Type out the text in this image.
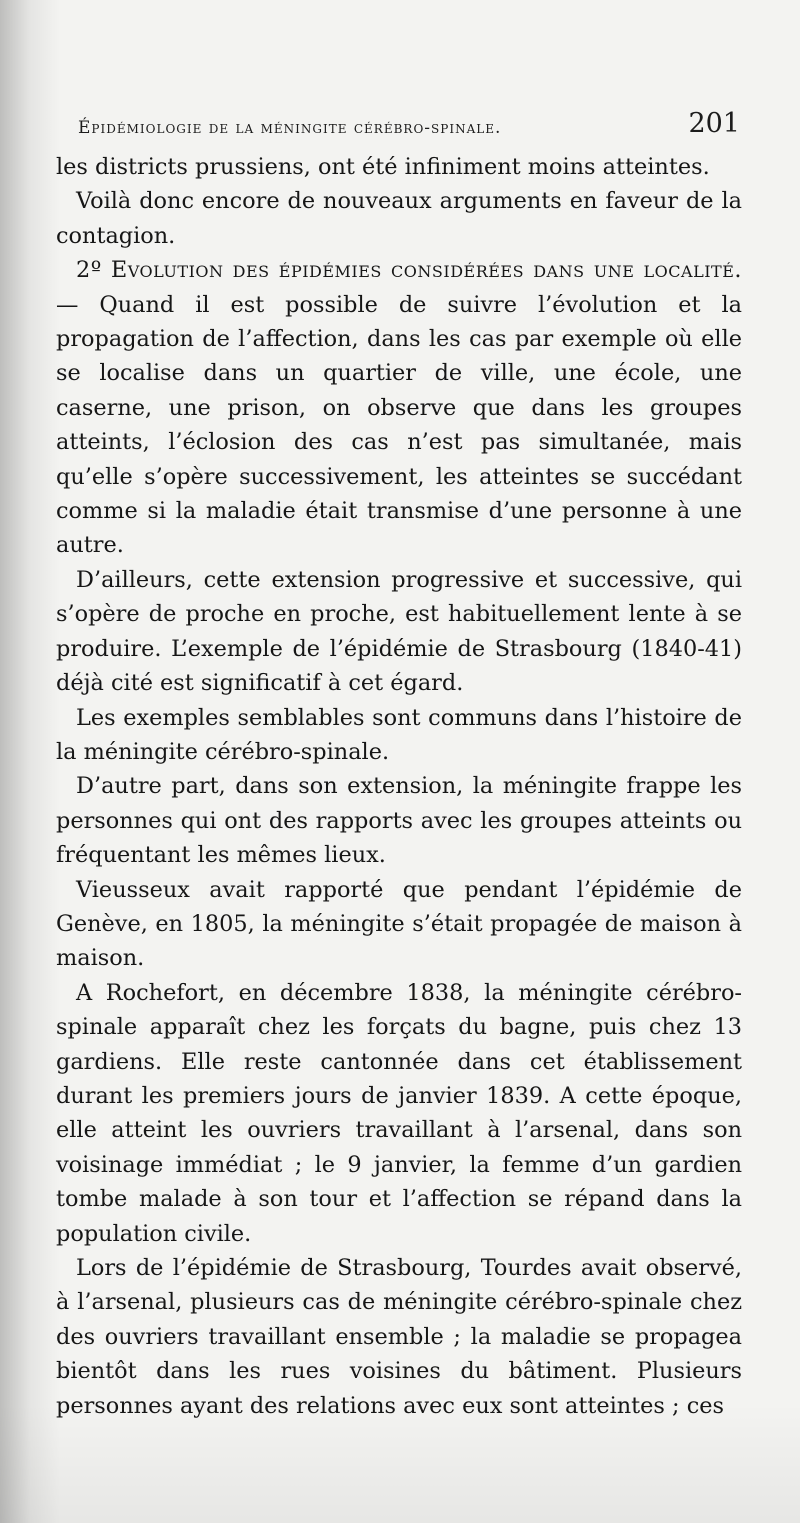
Épidémiologie de la méningite cérébro-spinale.	201

les districts prussiens, ont été infiniment moins atteintes.

Voilà donc encore de nouveaux arguments en faveur de la contagion.

2º Evolution des épidémies considérées dans une localité. — Quand il est possible de suivre l’évolution et la propagation de l’affection, dans les cas par exemple où elle se localise dans un quartier de ville, une école, une caserne, une prison, on observe que dans les groupes atteints, l’éclosion des cas n’est pas simultanée, mais qu’elle s’opère successivement, les atteintes se succédant comme si la maladie était transmise d’une personne à une autre.

D’ailleurs, cette extension progressive et successive, qui s’opère de proche en proche, est habituellement lente à se produire. L’exemple de l’épidémie de Strasbourg (1840-41) déjà cité est significatif à cet égard.

Les exemples semblables sont communs dans l’histoire de la méningite cérébro-spinale.

D’autre part, dans son extension, la méningite frappe les personnes qui ont des rapports avec les groupes atteints ou fréquentant les mêmes lieux.

Vieusseux avait rapporté que pendant l’épidémie de Genève, en 1805, la méningite s’était propagée de maison à maison.

A Rochefort, en décembre 1838, la méningite cérébro-spinale apparaît chez les forçats du bagne, puis chez 13 gardiens. Elle reste cantonnée dans cet établissement durant les premiers jours de janvier 1839. A cette époque, elle atteint les ouvriers travaillant à l’arsenal, dans son voisinage immédiat ; le 9 janvier, la femme d’un gardien tombe malade à son tour et l’affection se répand dans la population civile.

Lors de l’épidémie de Strasbourg, Tourdes avait observé, à l’arsenal, plusieurs cas de méningite cérébro-spinale chez des ouvriers travaillant ensemble ; la maladie se propagea bientôt dans les rues voisines du bâtiment. Plusieurs personnes ayant des relations avec eux sont atteintes ; ces
